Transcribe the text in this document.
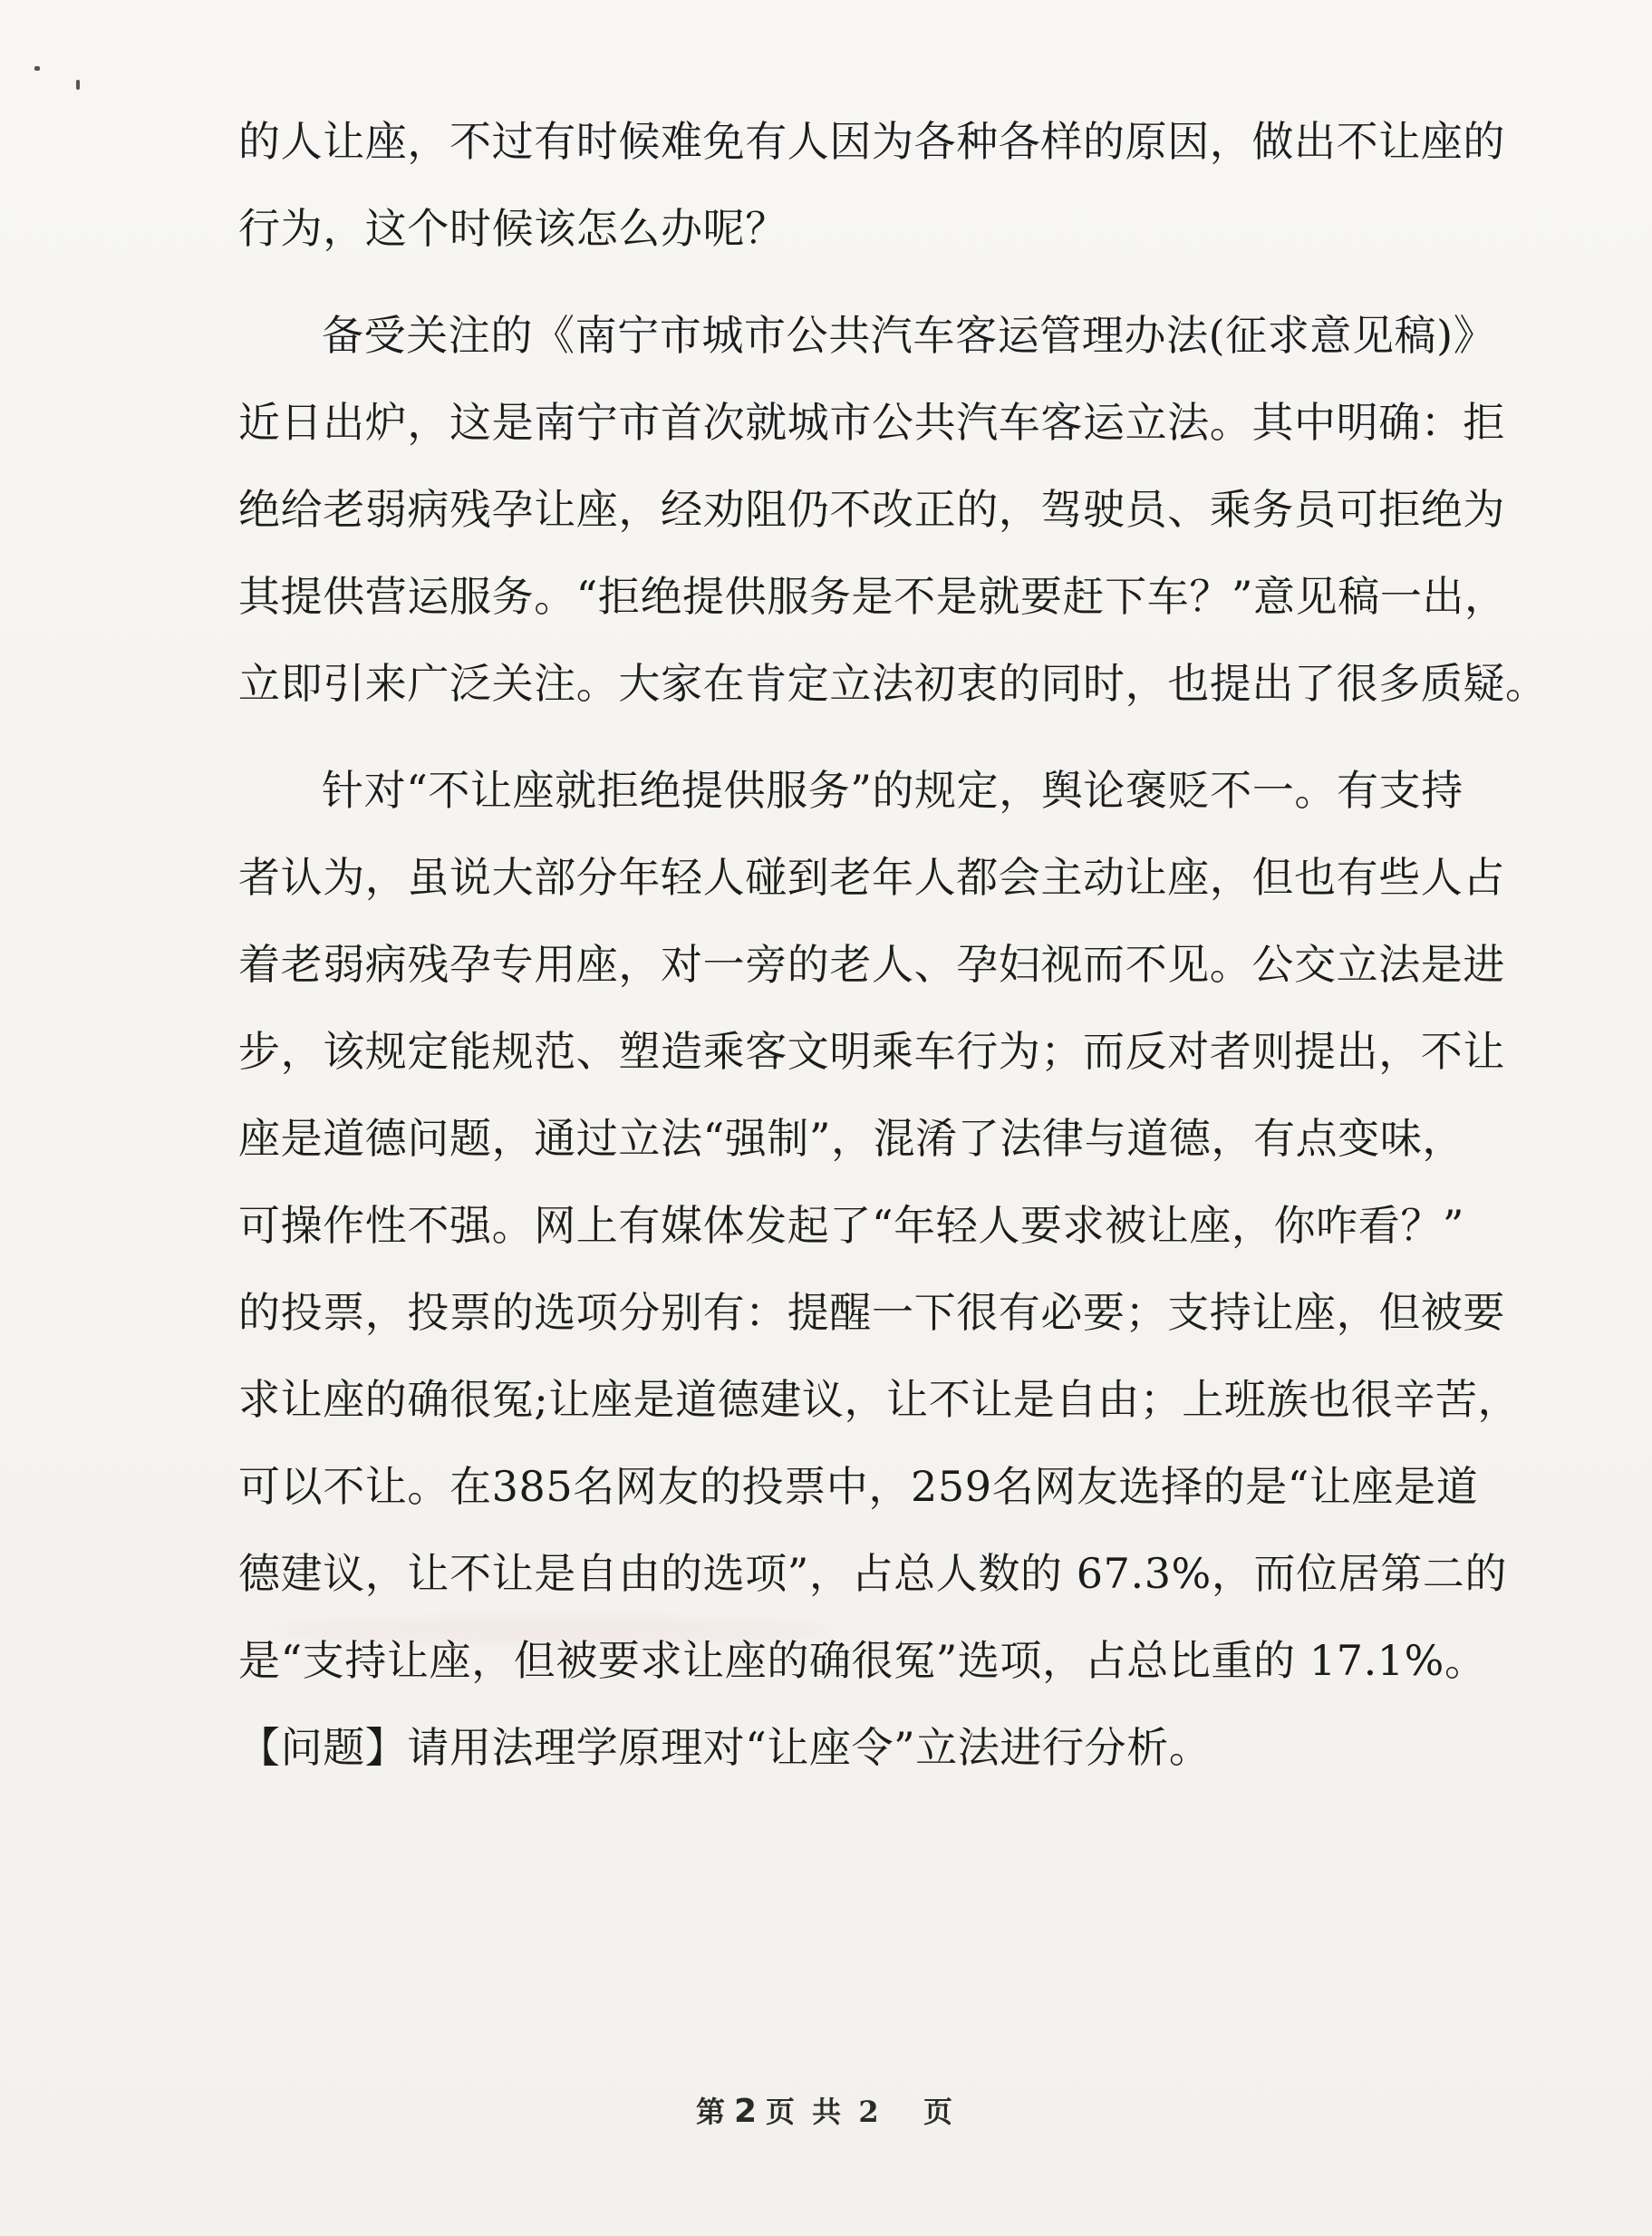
的人让座，不过有时候难免有人因为各种各样的原因，做出不让座的
行为，这个时候该怎么办呢？
备受关注的《南宁市城市公共汽车客运管理办法(征求意见稿)》
近日出炉，这是南宁市首次就城市公共汽车客运立法。其中明确：拒
绝给老弱病残孕让座，经劝阻仍不改正的，驾驶员、乘务员可拒绝为
其提供营运服务。“拒绝提供服务是不是就要赶下车？”意见稿一出，
立即引来广泛关注。大家在肯定立法初衷的同时，也提出了很多质疑。
针对“不让座就拒绝提供服务”的规定，舆论褒贬不一。有支持
者认为，虽说大部分年轻人碰到老年人都会主动让座，但也有些人占
着老弱病残孕专用座，对一旁的老人、孕妇视而不见。公交立法是进
步，该规定能规范、塑造乘客文明乘车行为；而反对者则提出，不让
座是道德问题，通过立法“强制”，混淆了法律与道德，有点变味，
可操作性不强。网上有媒体发起了“年轻人要求被让座，你咋看？”
的投票，投票的选项分别有：提醒一下很有必要；支持让座，但被要
求让座的确很冤;让座是道德建议，让不让是自由；上班族也很辛苦，
可以不让。在385名网友的投票中，259名网友选择的是“让座是道
德建议，让不让是自由的选项”，占总人数的 67.3%，而位居第二的
是“支持让座，但被要求让座的确很冤”选项，占总比重的 17.1%。
【问题】请用法理学原理对“让座令”立法进行分析。
第 2 页 共 2 页
